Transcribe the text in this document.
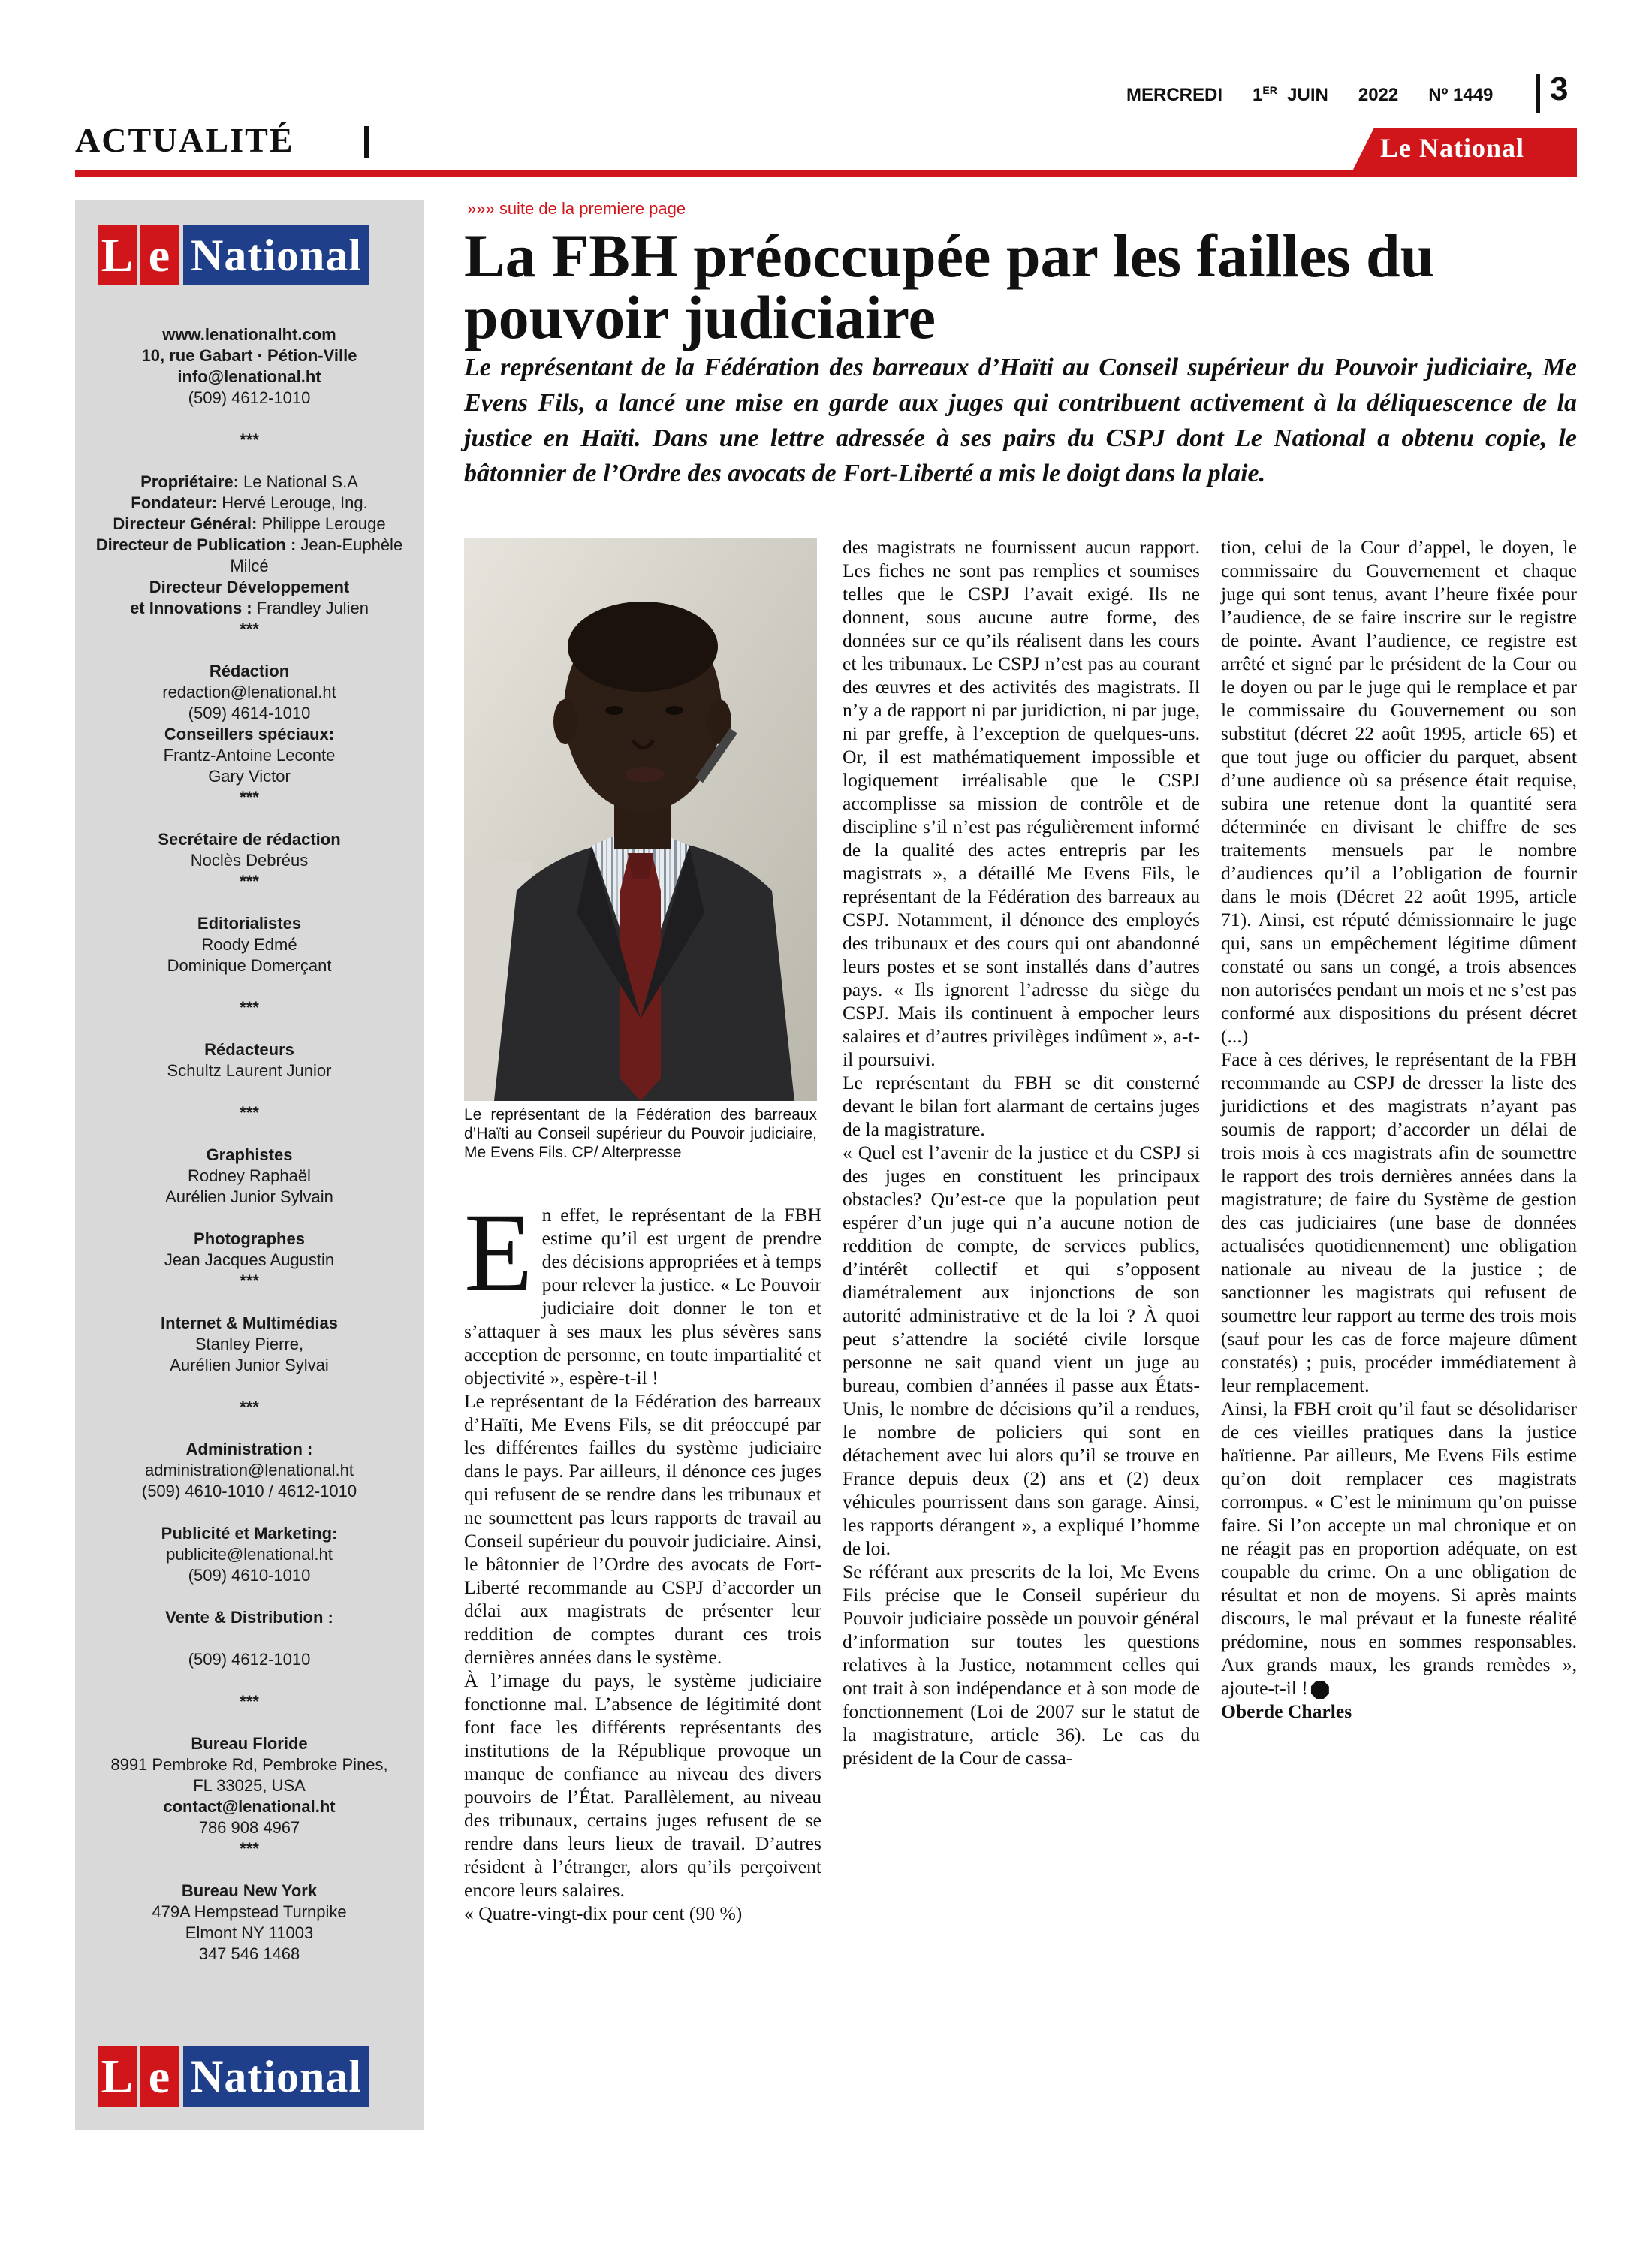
ACTUALITÉ
MERCREDI 1ER JUIN 2022 Nº 1449	3
Le National
L e National
www.lenationalht.com
10, rue Gabart · Pétion-Ville
info@lenational.ht
(509) 4612-1010
***
Propriétaire: Le National S.A
Fondateur: Hervé Lerouge, Ing.
Directeur Général: Philippe Lerouge
Directeur de Publication : Jean-Euphèle Milcé
Directeur Développement
et Innovations : Frandley Julien
***
Rédaction
redaction@lenational.ht
(509) 4614-1010
Conseillers spéciaux:
Frantz-Antoine Leconte
Gary Victor
***
Secrétaire de rédaction
Noclès Debréus
***
Editorialistes
Roody Edmé
Dominique Domerçant
***
Rédacteurs
Schultz Laurent Junior
***
Graphistes
Rodney Raphaël
Aurélien Junior Sylvain
Photographes
Jean Jacques Augustin
***
Internet & Multimédias
Stanley Pierre,
Aurélien Junior Sylvai
***
Administration :
administration@lenational.ht
(509) 4610-1010 / 4612-1010
Publicité et Marketing:
publicite@lenational.ht
(509) 4610-1010
Vente & Distribution :
(509) 4612-1010
***
Bureau Floride
8991 Pembroke Rd, Pembroke Pines,
FL 33025, USA
contact@lenational.ht
786 908 4967
***
Bureau New York
479A Hempstead Turnpike
Elmont NY 11003
347 546 1468
L e National
»»» suite de la premiere page
La FBH préoccupée par les failles du pouvoir judiciaire
Le représentant de la Fédération des barreaux d’Haïti au Conseil supérieur du Pouvoir judiciaire, Me Evens Fils, a lancé une mise en garde aux juges qui contribuent activement à la déliquescence de la justice en Haïti. Dans une lettre adressée à ses pairs du CSPJ dont Le National a obtenu copie, le bâtonnier de l’Ordre des avocats de Fort-Liberté a mis le doigt dans la plaie.
Le représentant de la Fédération des barreaux d’Haïti au Conseil supérieur du Pouvoir judiciaire, Me Evens Fils. CP/ Alterpresse
E n effet, le représentant de la FBH estime qu’il est urgent de prendre des décisions appropriées et à temps pour relever la justice. « Le Pouvoir judiciaire doit donner le ton et s’attaquer à ses maux les plus sévères sans acception de personne, en toute impartialité et objectivité », espère-t-il !

Le représentant de la Fédération des barreaux d’Haïti, Me Evens Fils, se dit préoccupé par les différentes failles du système judiciaire dans le pays. Par ailleurs, il dénonce ces juges qui refusent de se rendre dans les tribunaux et ne soumettent pas leurs rapports de travail au Conseil supérieur du pouvoir judiciaire. Ainsi, le bâtonnier de l’Ordre des avocats de Fort-Liberté recommande au CSPJ d’accorder un délai aux magistrats de présenter leur reddition de comptes durant ces trois dernières années dans le système.

À l’image du pays, le système judiciaire fonctionne mal. L’absence de légitimité dont font face les différents représentants des institutions de la République provoque un manque de confiance au niveau des divers pouvoirs de l’État. Parallèlement, au niveau des tribunaux, certains juges refusent de se rendre dans leurs lieux de travail. D’autres résident à l’étranger, alors qu’ils perçoivent encore leurs salaires.

« Quatre-vingt-dix pour cent (90 %)

des magistrats ne fournissent aucun rapport. Les fiches ne sont pas remplies et soumises telles que le CSPJ l’avait exigé. Ils ne donnent, sous aucune autre forme, des données sur ce qu’ils réalisent dans les cours et les tribunaux. Le CSPJ n’est pas au courant des œuvres et des activités des magistrats. Il n’y a de rapport ni par juridiction, ni par juge, ni par greffe, à l’exception de quelques-uns. Or, il est mathématiquement impossible et logiquement irréalisable que le CSPJ accomplisse sa mission de contrôle et de discipline s’il n’est pas régulièrement informé de la qualité des actes entrepris par les magistrats », a détaillé Me Evens Fils, le représentant de la Fédération des barreaux au CSPJ. Notamment, il dénonce des employés des tribunaux et des cours qui ont abandonné leurs postes et se sont installés dans d’autres pays. « Ils ignorent l’adresse du siège du CSPJ. Mais ils continuent à empocher leurs salaires et d’autres privilèges indûment », a-t-il poursuivi.

Le représentant du FBH se dit consterné devant le bilan fort alarmant de certains juges de la magistrature.

« Quel est l’avenir de la justice et du CSPJ si des juges en constituent les principaux obstacles? Qu’est-ce que la population peut espérer d’un juge qui n’a aucune notion de reddition de compte, de services publics, d’intérêt collectif et qui s’opposent diamétralement aux injonctions de son autorité administrative et de la loi ? À quoi peut s’attendre la société civile lorsque personne ne sait quand vient un juge au bureau, combien d’années il passe aux États-Unis, le nombre de décisions qu’il a rendues, le nombre de policiers qui sont en détachement avec lui alors qu’il se trouve en France depuis deux (2) ans et (2) deux véhicules pourrissent dans son garage. Ainsi, les rapports dérangent », a expliqué l’homme de loi.

Se référant aux prescrits de la loi, Me Evens Fils précise que le Conseil supérieur du Pouvoir judiciaire possède un pouvoir général d’information sur toutes les questions relatives à la Justice, notamment celles qui ont trait à son indépendance et à son mode de fonctionnement (Loi de 2007 sur le statut de la magistrature, article 36). Le cas du président de la Cour de cassa-

tion, celui de la Cour d’appel, le doyen, le commissaire du Gouvernement et chaque juge qui sont tenus, avant l’heure fixée pour l’audience, de se faire inscrire sur le registre de pointe. Avant l’audience, ce registre est arrêté et signé par le président de la Cour ou le doyen ou par le juge qui le remplace et par le commissaire du Gouvernement ou son substitut (décret 22 août 1995, article 65) et que tout juge ou officier du parquet, absent d’une audience où sa présence était requise, subira une retenue dont la quantité sera déterminée en divisant le chiffre de ses traitements mensuels par le nombre d’audiences qu’il a l’obligation de fournir dans le mois (Décret 22 août 1995, article 71). Ainsi, est réputé démissionnaire le juge qui, sans un empêchement légitime dûment constaté ou sans un congé, a trois absences non autorisées pendant un mois et ne s’est pas conformé aux dispositions du présent décret (...)

Face à ces dérives, le représentant de la FBH recommande au CSPJ de dresser la liste des juridictions et des magistrats n’ayant pas soumis de rapport; d’accorder un délai de trois mois à ces magistrats afin de soumettre le rapport des trois dernières années dans la magistrature; de faire du Système de gestion des cas judiciaires (une base de données actualisées quotidiennement) une obligation nationale au niveau de la justice ; de sanctionner les magistrats qui refusent de soumettre leur rapport au terme des trois mois (sauf pour les cas de force majeure dûment constatés) ; puis, procéder immédiatement à leur remplacement.

Ainsi, la FBH croit qu’il faut se désolidariser de ces vieilles pratiques dans la justice haïtienne. Par ailleurs, Me Evens Fils estime qu’on doit remplacer ces magistrats corrompus. « C’est le minimum qu’on puisse faire. Si l’on accepte un mal chronique et on ne réagit pas en proportion adéquate, on est coupable du crime. On a une obligation de résultat et non de moyens. Si après maints discours, le mal prévaut et la funeste réalité prédomine, nous en sommes responsables. Aux grands maux, les grands remèdes », ajoute-t-il !

Oberde Charles
